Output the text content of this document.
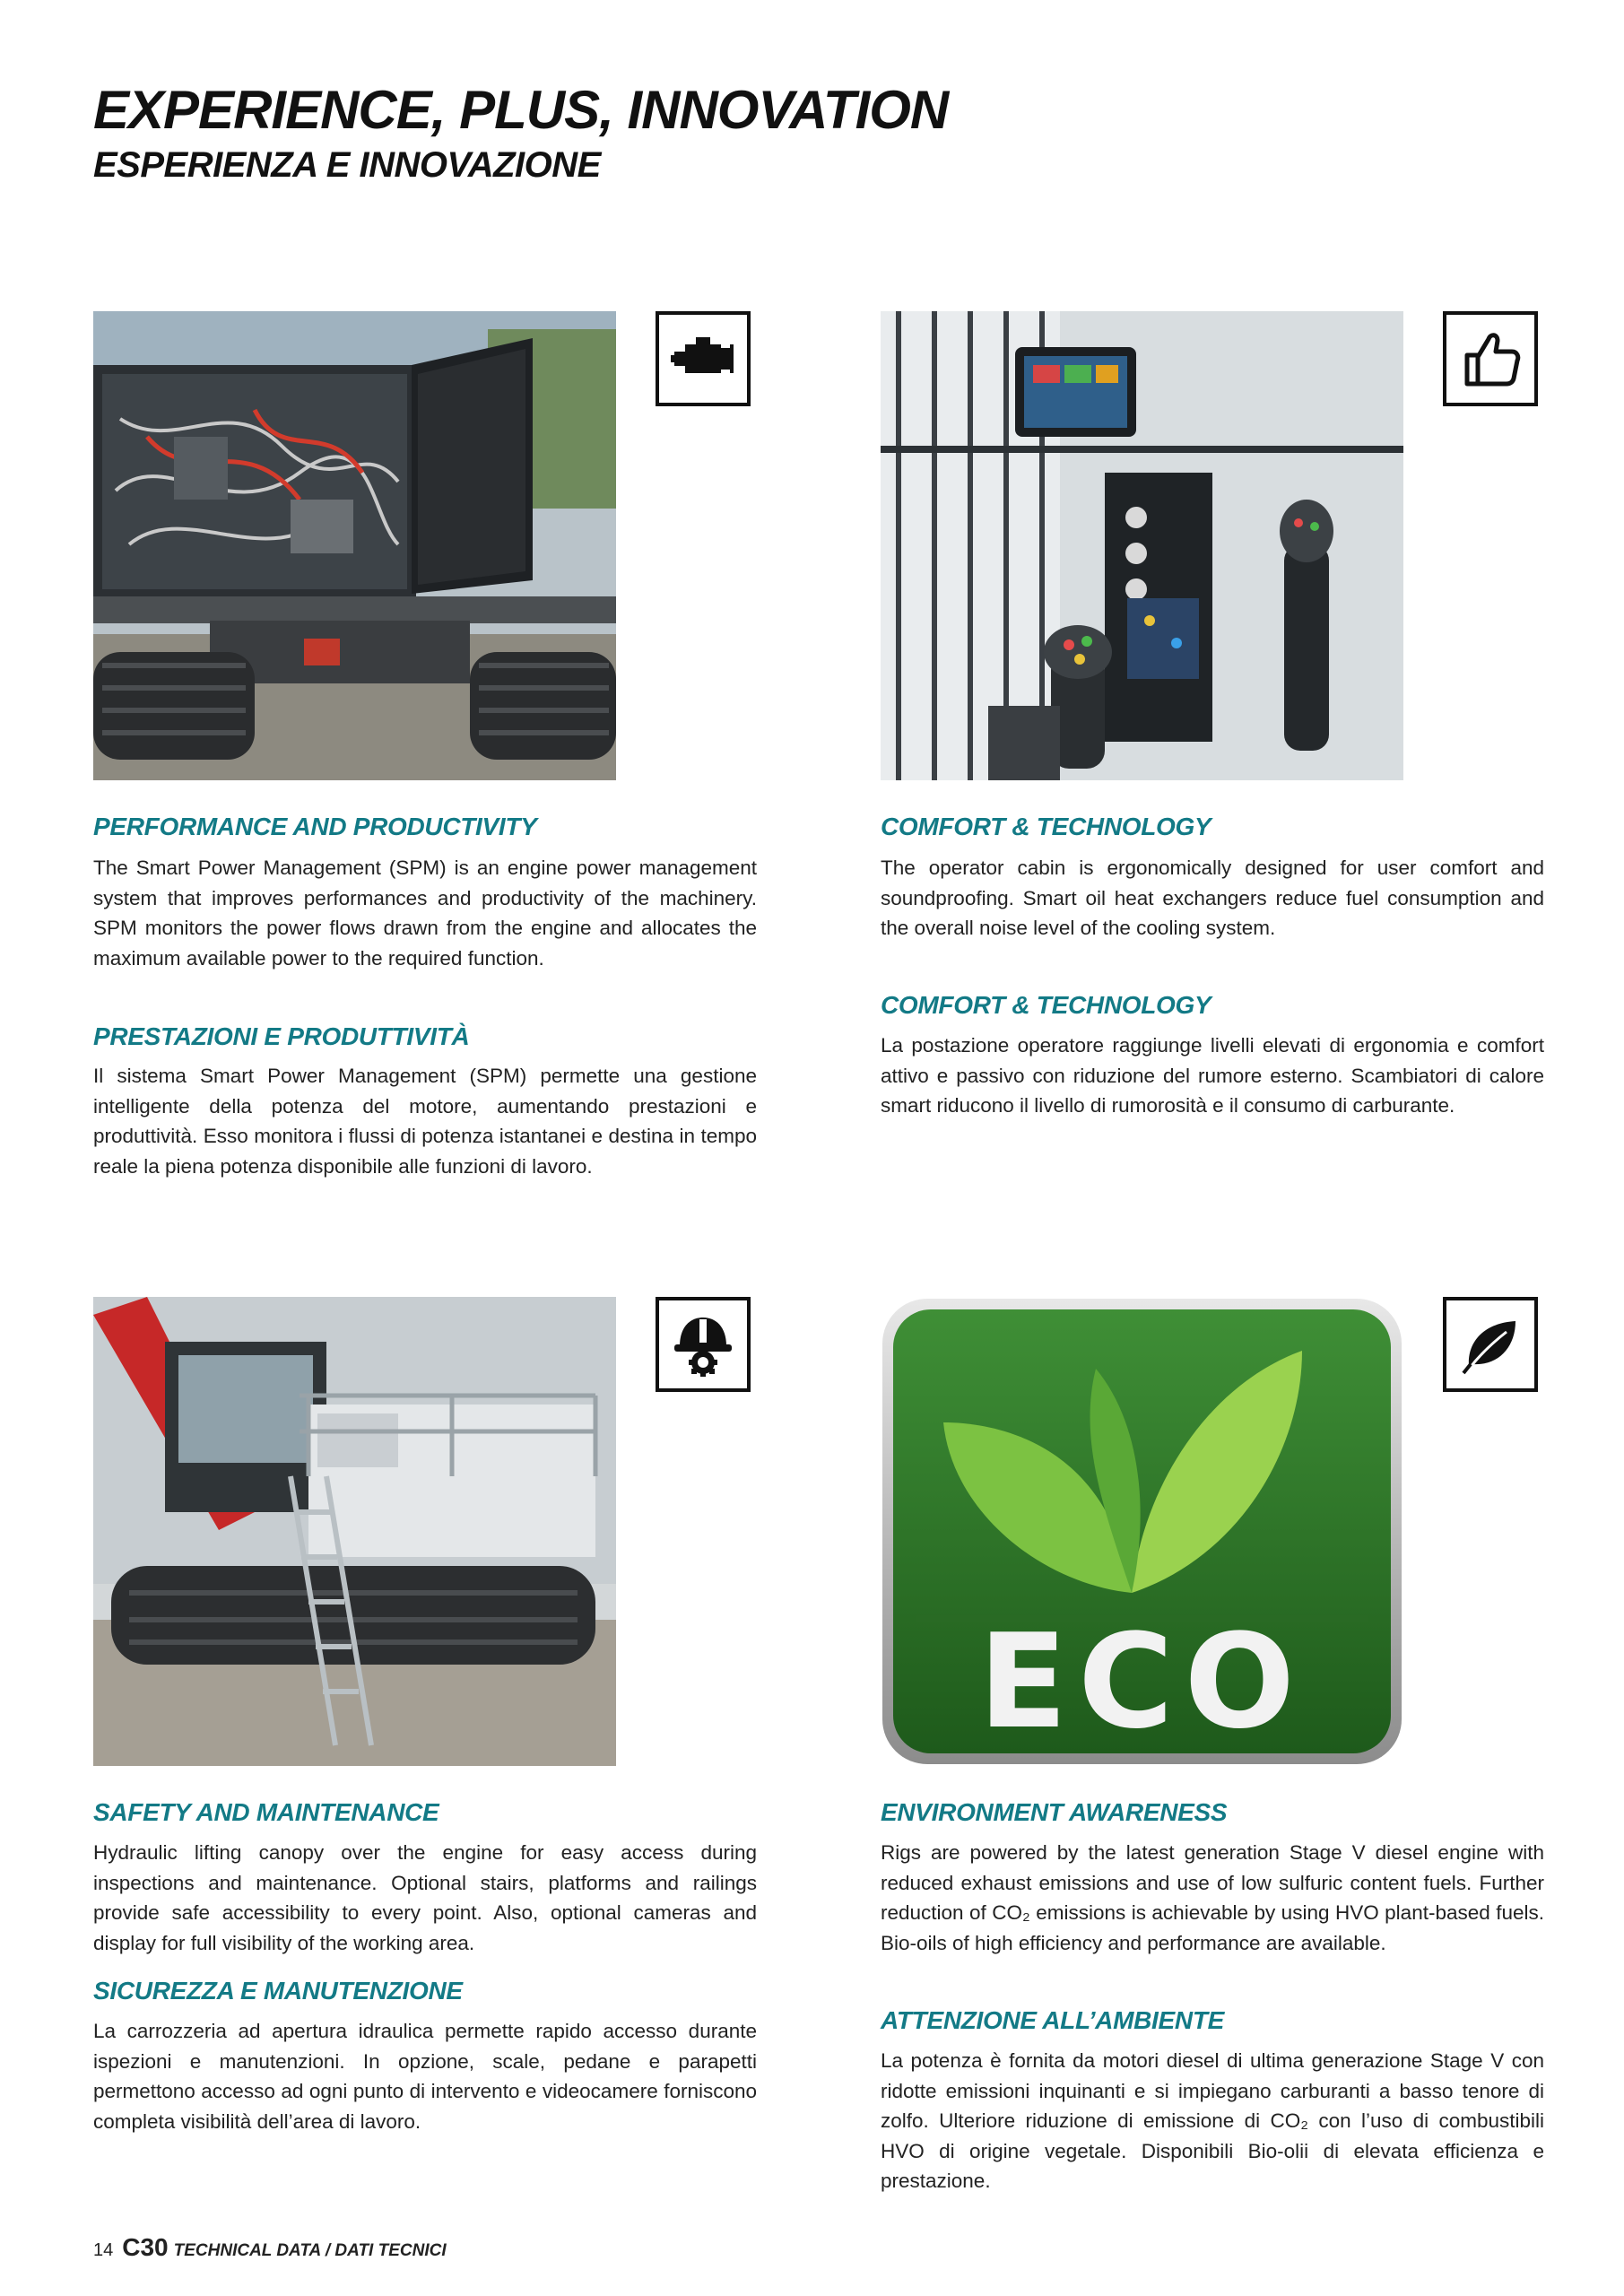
EXPERIENCE, PLUS, INNOVATION
ESPERIENZA E INNOVAZIONE
ECO
PERFORMANCE AND PRODUCTIVITY

The Smart Power Management (SPM) is an engine power management system that improves performances and productivity of the machinery. SPM monitors the power flows drawn from the engine and allocates the maximum available power to the required function.

PRESTAZIONI E PRODUTTIVITÀ

Il sistema Smart Power Management (SPM) permette una gestione intelligente della potenza del motore, aumentando prestazioni e produttività. Esso monitora i flussi di potenza istantanei e destina in tempo reale la piena potenza disponibile alle funzioni di lavoro.

COMFORT & TECHNOLOGY

The operator cabin is ergonomically designed for user comfort and soundproofing. Smart oil heat exchangers reduce fuel consumption and the overall noise level of the cooling system.

COMFORT & TECHNOLOGY

La postazione operatore raggiunge livelli elevati di ergonomia e comfort attivo e passivo con riduzione del rumore esterno. Scambiatori di calore smart riducono il livello di rumorosità e il consumo di carburante.

SAFETY AND MAINTENANCE

Hydraulic lifting canopy over the engine for easy access during inspections and maintenance. Optional stairs, platforms and railings provide safe accessibility to every point. Also, optional cameras and display for full visibility of the working area.

SICUREZZA E MANUTENZIONE

La carrozzeria ad apertura idraulica permette rapido accesso durante ispezioni e manutenzioni. In opzione, scale, pedane e parapetti permettono accesso ad ogni punto di intervento e videocamere forniscono completa visibilità dell’area di lavoro.

ENVIRONMENT AWARENESS

Rigs are powered by the latest generation Stage V diesel engine with reduced exhaust emissions and use of low sulfuric content fuels. Further reduction of CO₂ emissions is achievable by using HVO plant-based fuels. Bio-oils of high efficiency and performance are available.

ATTENZIONE ALL’AMBIENTE

La potenza è fornita da motori diesel di ultima generazione Stage V con ridotte emissioni inquinanti e si impiegano carburanti a basso tenore di zolfo. Ulteriore riduzione di emissione di CO₂ con l’uso di combustibili HVO di origine vegetale. Disponibili Bio-olii di elevata efficienza e prestazione.

14 C30 TECHNICAL DATA / DATI TECNICI
